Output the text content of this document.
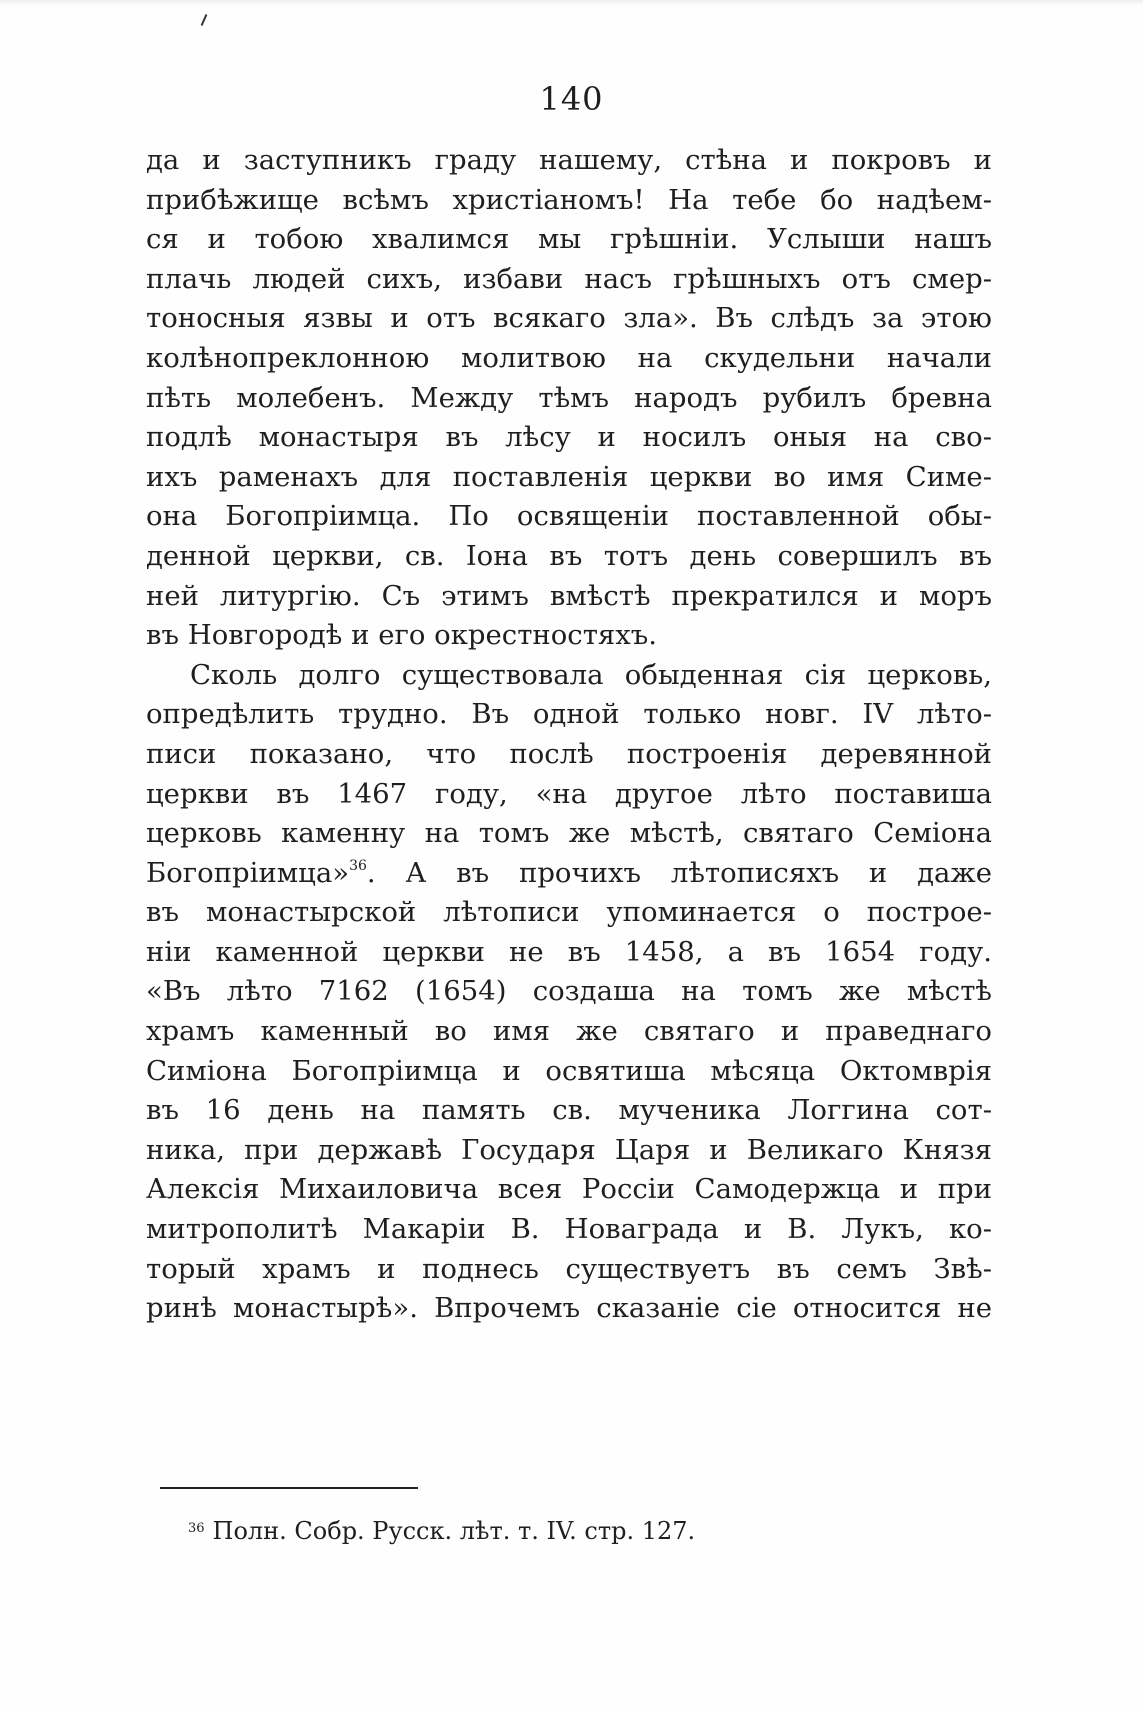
140
да и заступникъ граду нашему, стѣна и покровъ и
прибѣжище всѣмъ христіаномъ! На тебе бо надѣем-
ся и тобою хвалимся мы грѣшніи. Услыши нашъ
плачь людей сихъ, избави насъ грѣшныхъ отъ смер-
тоносныя язвы и отъ всякаго зла». Въ слѣдъ за этою
колѣнопреклонною молитвою на скудельни начали
пѣть молебенъ. Между тѣмъ народъ рубилъ бревна
подлѣ монастыря въ лѣсу и носилъ оныя на сво-
ихъ раменахъ для поставленія церкви во имя Симе-
она Богопріимца. По освященіи поставленной обы-
денной церкви, св. Іона въ тотъ день совершилъ въ
ней литургію. Съ этимъ вмѣстѣ прекратился и моръ
въ Новгородѣ и его окрестностяхъ.
Сколь долго существовала обыденная сія церковь,
опредѣлить трудно. Въ одной только новг. IV лѣто-
писи показано, что послѣ построенія деревянной
церкви въ 1467 году, «на другое лѣто поставиша
церковь каменну на томъ же мѣстѣ, святаго Семіона
Богопріимца»$^{36}$. А въ прочихъ лѣтописяхъ и даже
въ монастырской лѣтописи упоминается о построе-
ніи каменной церкви не въ 1458, а въ 1654 году.
«Въ лѣто 7162 (1654) создаша на томъ же мѣстѣ
храмъ каменный во имя же святаго и праведнаго
Симіона Богопріимца и освятиша мѣсяца Октомврія
въ 16 день на память св. мученика Логгина сот-
ника, при державѣ Государя Царя и Великаго Князя
Алексія Михаиловича всея Россіи Самодержца и при
митрополитѣ Макаріи В. Новаграда и В. Лукъ, ко-
торый храмъ и поднесь существуетъ въ семъ Звѣ-
ринѣ монастырѣ». Впрочемъ сказаніе сіе относится не
$^{36}$ Полн. Собр. Русск. лѣт. т. IV. стр. 127.
